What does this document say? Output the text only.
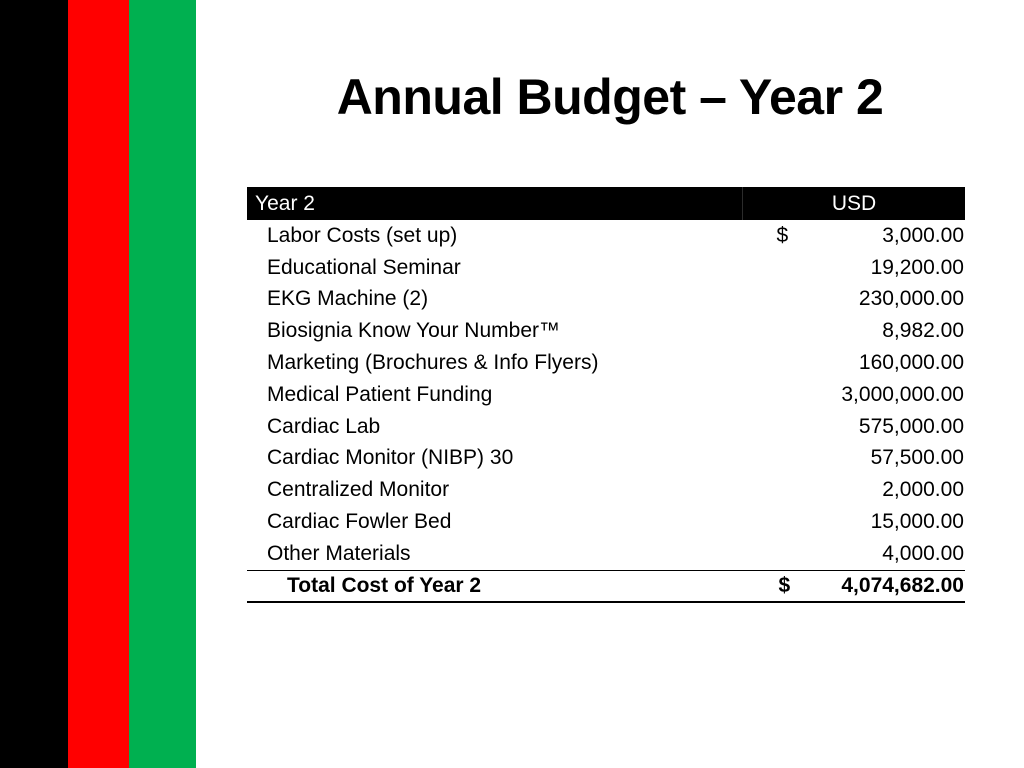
Annual Budget – Year 2
Year 2	USD	
Labor Costs (set up)	$	3,000.00
Educational Seminar		19,200.00
EKG Machine (2)		230,000.00
Biosignia Know Your Number™		8,982.00
Marketing (Brochures & Info Flyers)		160,000.00
Medical Patient Funding		3,000,000.00
Cardiac Lab		575,000.00
Cardiac Monitor (NIBP) 30		57,500.00
Centralized Monitor		2,000.00
Cardiac Fowler Bed		15,000.00
Other Materials		4,000.00
Total Cost of Year 2	$	4,074,682.00
